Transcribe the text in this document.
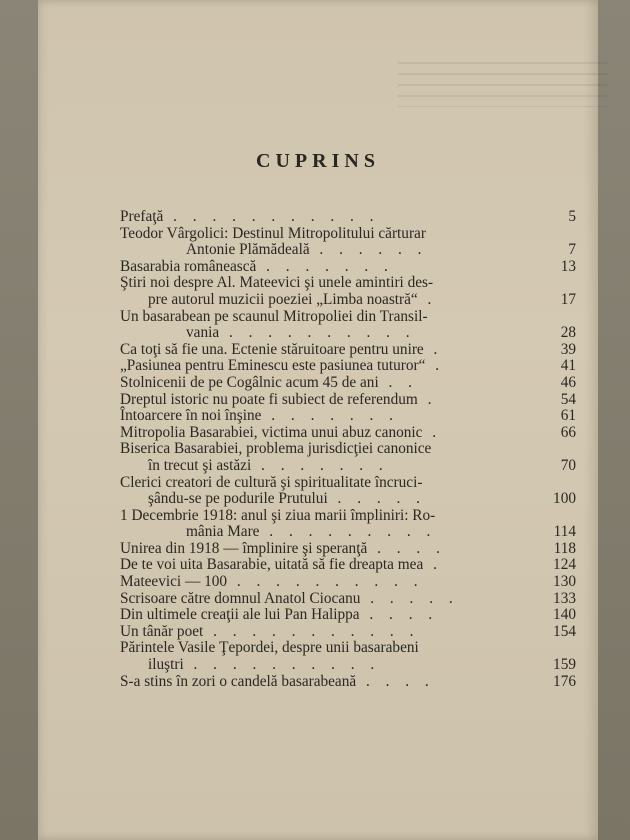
CUPRINS
Prefaţă . . . . . . . . . . .	5
Teodor Vârgolici: Destinul Mitropolitului cărturar
Antonie Plămădeală . . . . . .	7
Basarabia românească . . . . . . .	13
Ştiri noi despre Al. Mateevici şi unele amintiri des-
pre autorul muzicii poeziei „Limba noastră“ .	17
Un basarabean pe scaunul Mitropoliei din Transil-
vania . . . . . . . . . .	28
Ca toţi să fie una. Ectenie stăruitoare pentru unire .	39
„Pasiunea pentru Eminescu este pasiunea tuturor“ .	41
Stolnicenii de pe Cogâlnic acum 45 de ani . .	46
Dreptul istoric nu poate fi subiect de referendum .	54
Întoarcere în noi înşine . . . . . . .	61
Mitropolia Basarabiei, victima unui abuz canonic .	66
Biserica Basarabiei, problema jurisdicţiei canonice
în trecut şi astăzi . . . . . . .	70
Clerici creatori de cultură şi spiritualitate încruci-
şându-se pe podurile Prutului . . . . .	100
1 Decembrie 1918: anul şi ziua marii împliniri: Ro-
mânia Mare . . . . . . . . .	114
Unirea din 1918 — împlinire şi speranţă . . . .	118
De te voi uita Basarabie, uitată să fie dreapta mea .	124
Mateevici — 100 . . . . . . . . . .	130
Scrisoare către domnul Anatol Ciocanu . . . . .	133
Din ultimele creaţii ale lui Pan Halippa . . . .	140
Un tânăr poet . . . . . . . . . . .	154
Părintele Vasile Ţepordei, despre unii basarabeni
iluştri . . . . . . . . . .	159
S-a stins în zori o candelă basarabeană . . . .	176
